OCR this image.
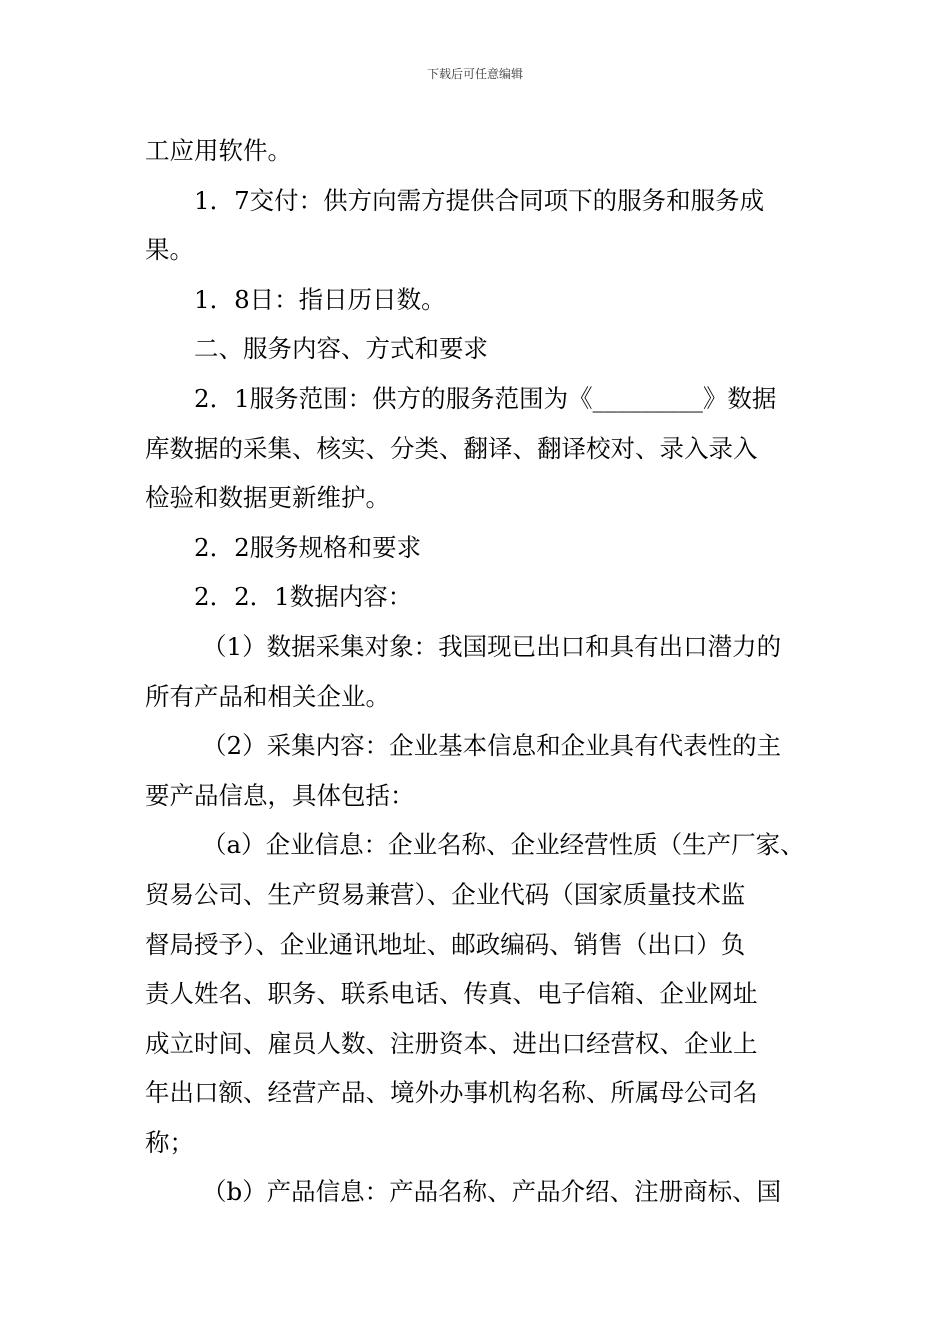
下载后可任意编辑
工应用软件。
1．7交付：供方向需方提供合同项下的服务和服务成
果。
1．8日：指日历日数。
二、服务内容、方式和要求
2．1服务范围：供方的服务范围为《_________》数据
库数据的采集、核实、分类、翻译、翻译校对、录入录入
检验和数据更新维护。
2．2服务规格和要求
2．2．1数据内容：
（1）数据采集对象：我国现已出口和具有出口潜力的
所有产品和相关企业。
（2）采集内容：企业基本信息和企业具有代表性的主
要产品信息，具体包括：
（a）企业信息：企业名称、企业经营性质（生产厂家、
贸易公司、生产贸易兼营）、企业代码（国家质量技术监
督局授予）、企业通讯地址、邮政编码、销售（出口）负
责人姓名、职务、联系电话、传真、电子信箱、企业网址
成立时间、雇员人数、注册资本、进出口经营权、企业上
年出口额、经营产品、境外办事机构名称、所属母公司名
称；
（b）产品信息：产品名称、产品介绍、注册商标、国
